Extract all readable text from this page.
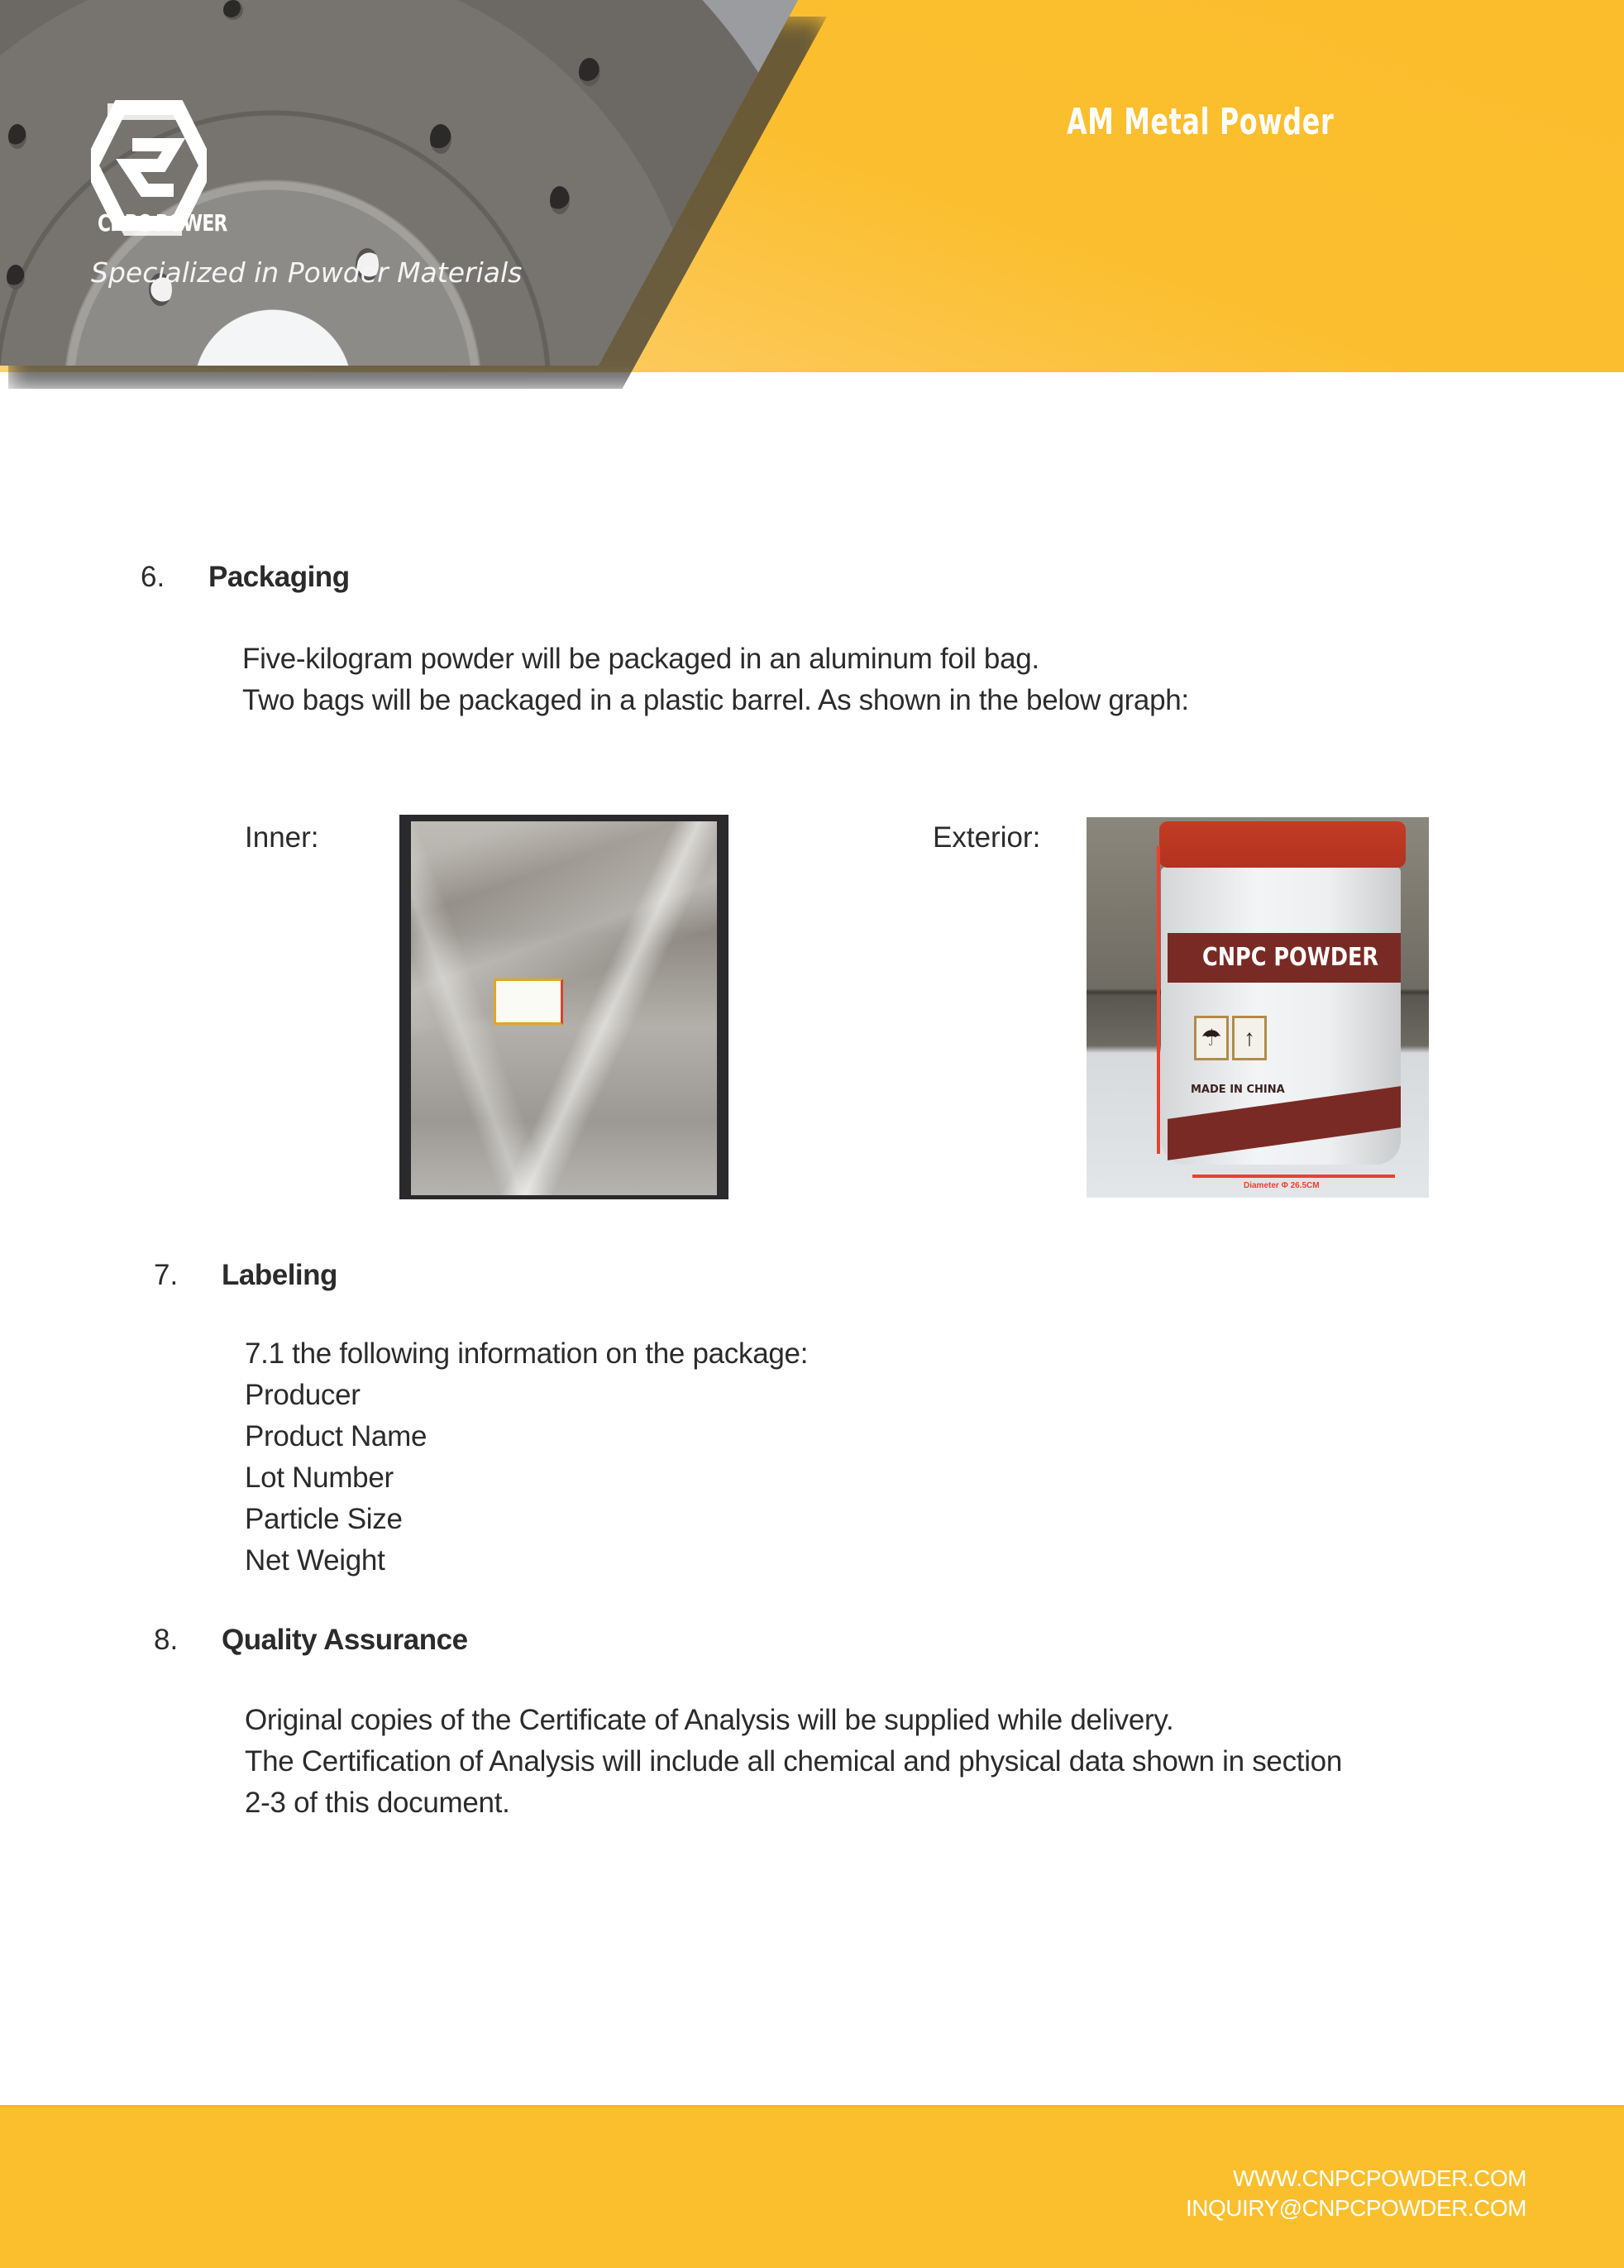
CNPC POWER
Specialized in Powder Materials
AM Metal Powder
6. Packaging
Five-kilogram powder will be packaged in an aluminum foil bag.
Two bags will be packaged in a plastic barrel. As shown in the below graph:
Inner:	Exterior:
CNPC POWDER
☂ ↑
MADE IN CHINA
Diameter Φ 26.5CM
7. Labeling
7.1 the following information on the package:
Producer
Product Name
Lot Number
Particle Size
Net Weight
8. Quality Assurance
Original copies of the Certificate of Analysis will be supplied while delivery.
The Certification of Analysis will include all chemical and physical data shown in section
2-3 of this document.
WWW.CNPCPOWDER.COM
INQUIRY@CNPCPOWDER.COM
